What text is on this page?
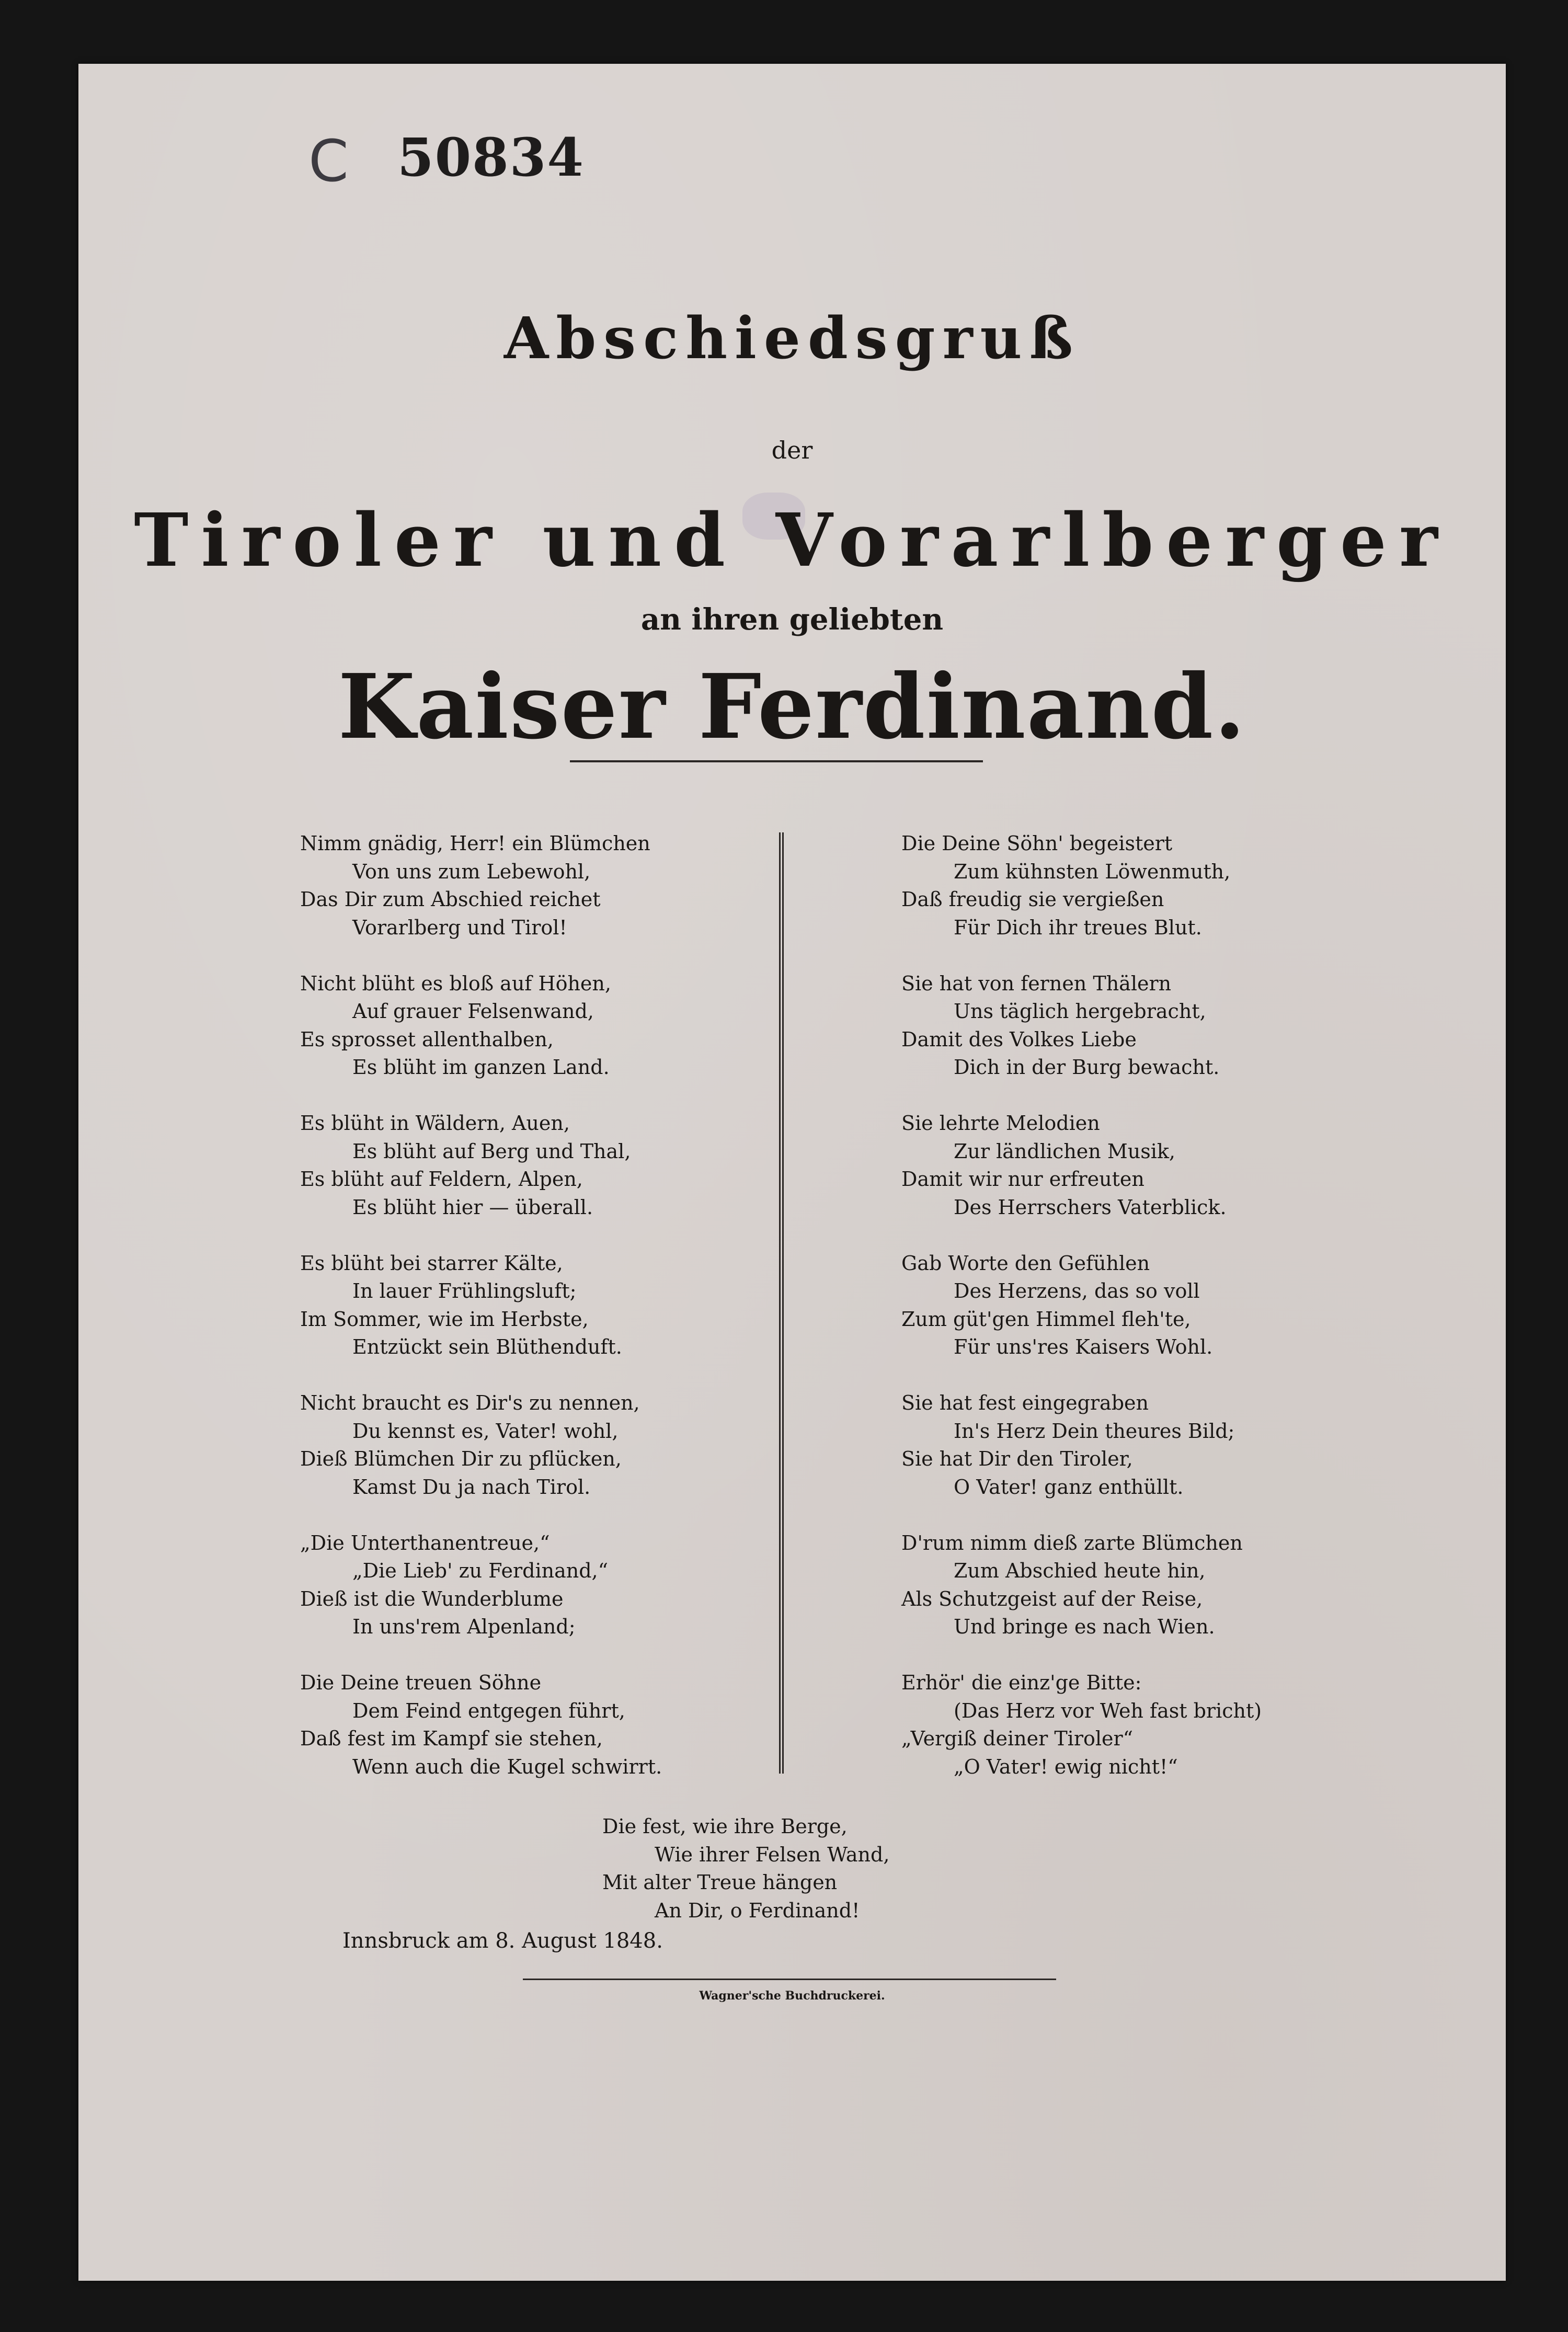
C 50834
Abschiedsgruß
der
Tiroler und Vorarlberger
an ihren geliebten
Kaiser Ferdinand.
Nimm gnädig, Herr! ein Blümchen
Von uns zum Lebewohl,
Das Dir zum Abschied reichet
Vorarlberg und Tirol!
Nicht blüht es bloß auf Höhen,
Auf grauer Felsenwand,
Es sprosset allenthalben,
Es blüht im ganzen Land.
Es blüht in Wäldern, Auen,
Es blüht auf Berg und Thal,
Es blüht auf Feldern, Alpen,
Es blüht hier — überall.
Es blüht bei starrer Kälte,
In lauer Frühlingsluft;
Im Sommer, wie im Herbste,
Entzückt sein Blüthenduft.
Nicht braucht es Dir's zu nennen,
Du kennst es, Vater! wohl,
Dieß Blümchen Dir zu pflücken,
Kamst Du ja nach Tirol.
„Die Unterthanentreue,“
„Die Lieb' zu Ferdinand,“
Dieß ist die Wunderblume
In uns'rem Alpenland;
Die Deine treuen Söhne
Dem Feind entgegen führt,
Daß fest im Kampf sie stehen,
Wenn auch die Kugel schwirrt.
Die Deine Söhn' begeistert
Zum kühnsten Löwenmuth,
Daß freudig sie vergießen
Für Dich ihr treues Blut.
Sie hat von fernen Thälern
Uns täglich hergebracht,
Damit des Volkes Liebe
Dich in der Burg bewacht.
Sie lehrte Melodien
Zur ländlichen Musik,
Damit wir nur erfreuten
Des Herrschers Vaterblick.
Gab Worte den Gefühlen
Des Herzens, das so voll
Zum güt'gen Himmel fleh'te,
Für uns'res Kaisers Wohl.
Sie hat fest eingegraben
In's Herz Dein theures Bild;
Sie hat Dir den Tiroler,
O Vater! ganz enthüllt.
D'rum nimm dieß zarte Blümchen
Zum Abschied heute hin,
Als Schutzgeist auf der Reise,
Und bringe es nach Wien.
Erhör' die einz'ge Bitte:
(Das Herz vor Weh fast bricht)
„Vergiß deiner Tiroler“
„O Vater! ewig nicht!“
Die fest, wie ihre Berge,
Wie ihrer Felsen Wand,
Mit alter Treue hängen
An Dir, o Ferdinand!
Innsbruck am 8. August 1848.
Wagner'sche Buchdruckerei.
